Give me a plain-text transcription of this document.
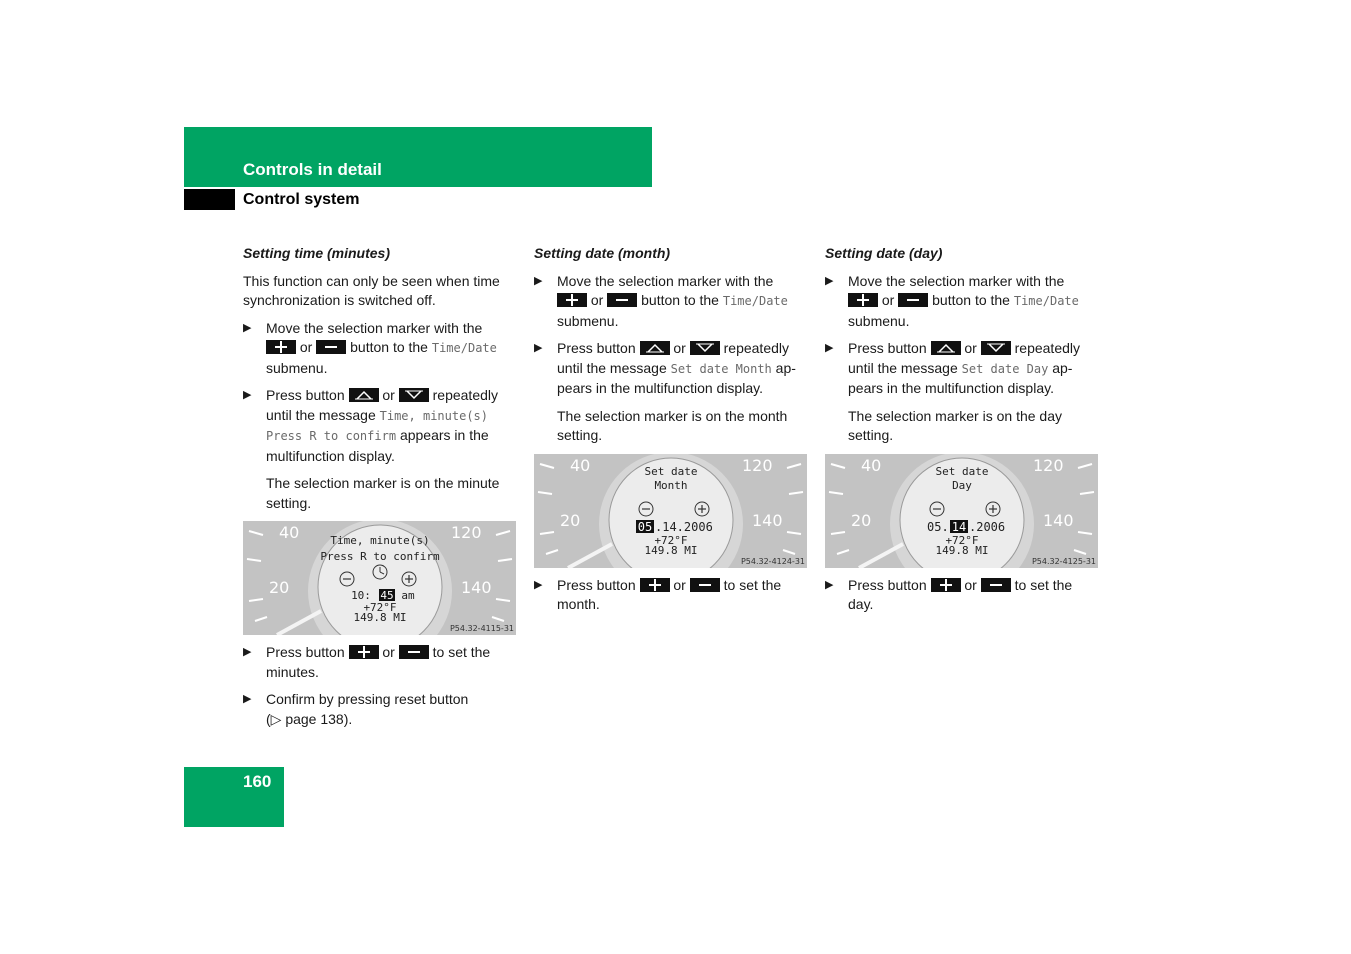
Controls in detail
Control system
Setting time (minutes)

This function can only be seen when time synchronization is switched off.

▶ Move the selection marker with the
or	button to the Time/Date
submenu.
▶ Press button	or	repeatedly until the message Time, minute(s)
Press R to confirm appears in the multifunction display.

The selection marker is on the minute setting.

40
20
120
140
Time, minute(s)
Press R to confirm
10: 45 am
+72°F
149.8 MI
P54.32-4115-31
▶ Press button	or	to set the minutes.
▶ Confirm by pressing reset button
(▷ page 138).
Setting date (month)
▶ Move the selection marker with the
or	button to the Time/Date
submenu.
▶ Press button	or	repeatedly until the message Set date Month ap-pears in the multifunction display.

The selection marker is on the month setting.

40
20
120
140
Set date
Month
05 .14.2006
+72°F
149.8 MI
P54.32-4124-31
▶ Press button	or	to set the month.
Setting date (day)
▶ Move the selection marker with the
or	button to the Time/Date
submenu.
▶ Press button	or	repeatedly until the message Set date Day ap-pears in the multifunction display.

The selection marker is on the day setting.

40
20
120
140
Set date
Day
05. 14 .2006
+72°F
149.8 MI
P54.32-4125-31
▶ Press button	or	to set the day.
160
